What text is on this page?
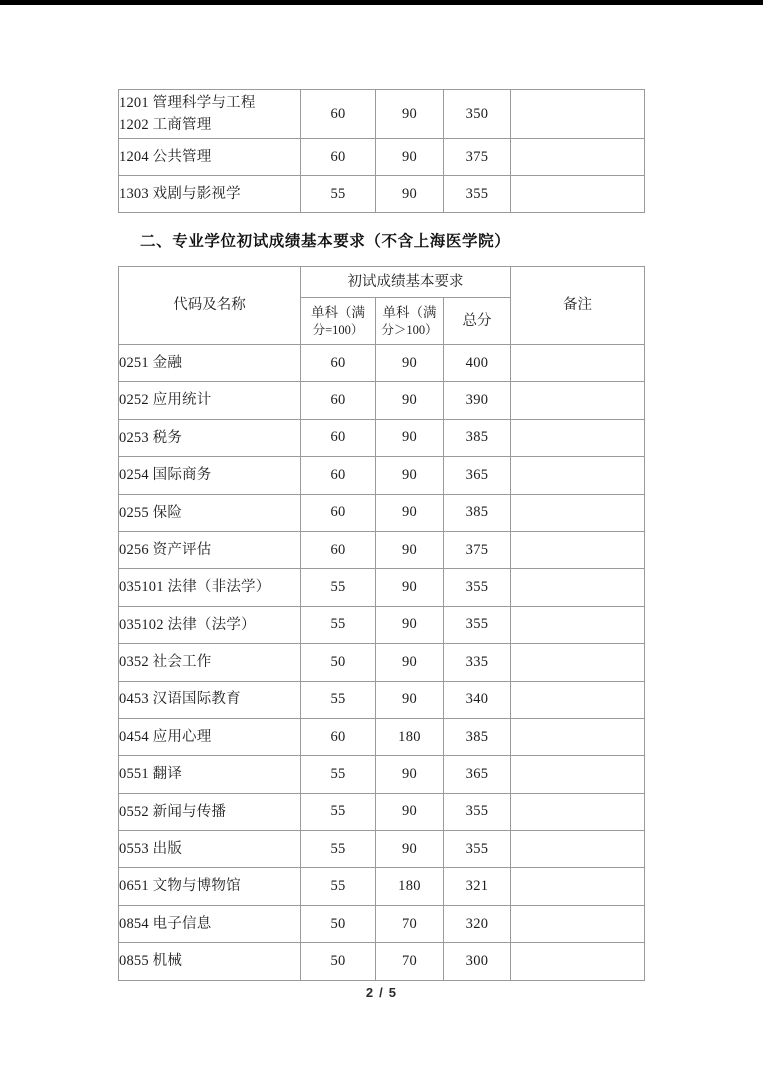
1201 管理科学与工程
1202 工商管理	60	90	350	
1204 公共管理	60	90	375	
1303 戏剧与影视学	55	90	355	
二、专业学位初试成绩基本要求（不含上海医学院）
代码及名称	初试成绩基本要求			备注

	单科（满
分=100）	单科（满
分＞100）	总分	
0251 金融	60	90	400	
0252 应用统计	60	90	390	
0253 税务	60	90	385	
0254 国际商务	60	90	365	
0255 保险	60	90	385	
0256 资产评估	60	90	375	
035101 法律（非法学）	55	90	355	
035102 法律（法学）	55	90	355	
0352 社会工作	50	90	335	
0453 汉语国际教育	55	90	340	
0454 应用心理	60	180	385	
0551 翻译	55	90	365	
0552 新闻与传播	55	90	355	
0553 出版	55	90	355	
0651 文物与博物馆	55	180	321	
0854 电子信息	50	70	320	
0855 机械	50	70	300	
2 / 5
